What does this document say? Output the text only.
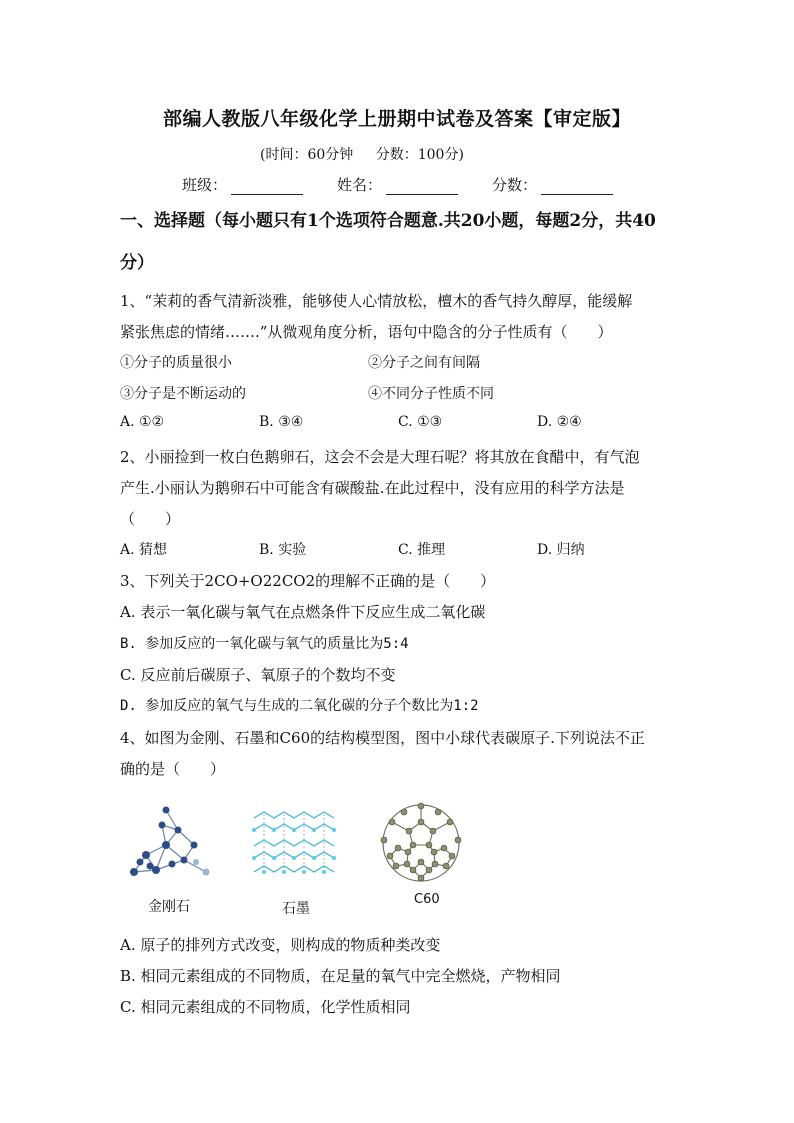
部编人教版八年级化学上册期中试卷及答案【审定版】
(时间：60分钟 分数：100分)
班级：	姓名：	分数：
一、选择题（每小题只有1个选项符合题意.共20小题，每题2分，共40分）
1、“茉莉的香气清新淡雅，能够使人心情放松，檀木的香气持久醇厚，能缓解
紧张焦虑的情绪…….”从微观角度分析，语句中隐含的分子性质有（　　）
①分子的质量很小	②分子之间有间隔
③分子是不断运动的	④不同分子性质不同
A. ①②	B. ③④	C. ①③	D. ②④
2、小丽捡到一枚白色鹅卵石，这会不会是大理石呢？将其放在食醋中，有气泡
产生.小丽认为鹅卵石中可能含有碳酸盐.在此过程中，没有应用的科学方法是
（　　）
A. 猜想	B. 实验	C. 推理	D. 归纳
3、下列关于2CO+O22CO2的理解不正确的是（　　）
A. 表示一氧化碳与氧气在点燃条件下反应生成二氧化碳
B. 参加反应的一氧化碳与氧气的质量比为5:4
C. 反应前后碳原子、氧原子的个数均不变
D. 参加反应的氧气与生成的二氧化碳的分子个数比为1:2
4、如图为金刚、石墨和C60的结构模型图，图中小球代表碳原子.下列说法不正
确的是（　　）
金刚石	石墨
C60
A. 原子的排列方式改变，则构成的物质种类改变
B. 相同元素组成的不同物质，在足量的氧气中完全燃烧，产物相同
C. 相同元素组成的不同物质，化学性质相同
